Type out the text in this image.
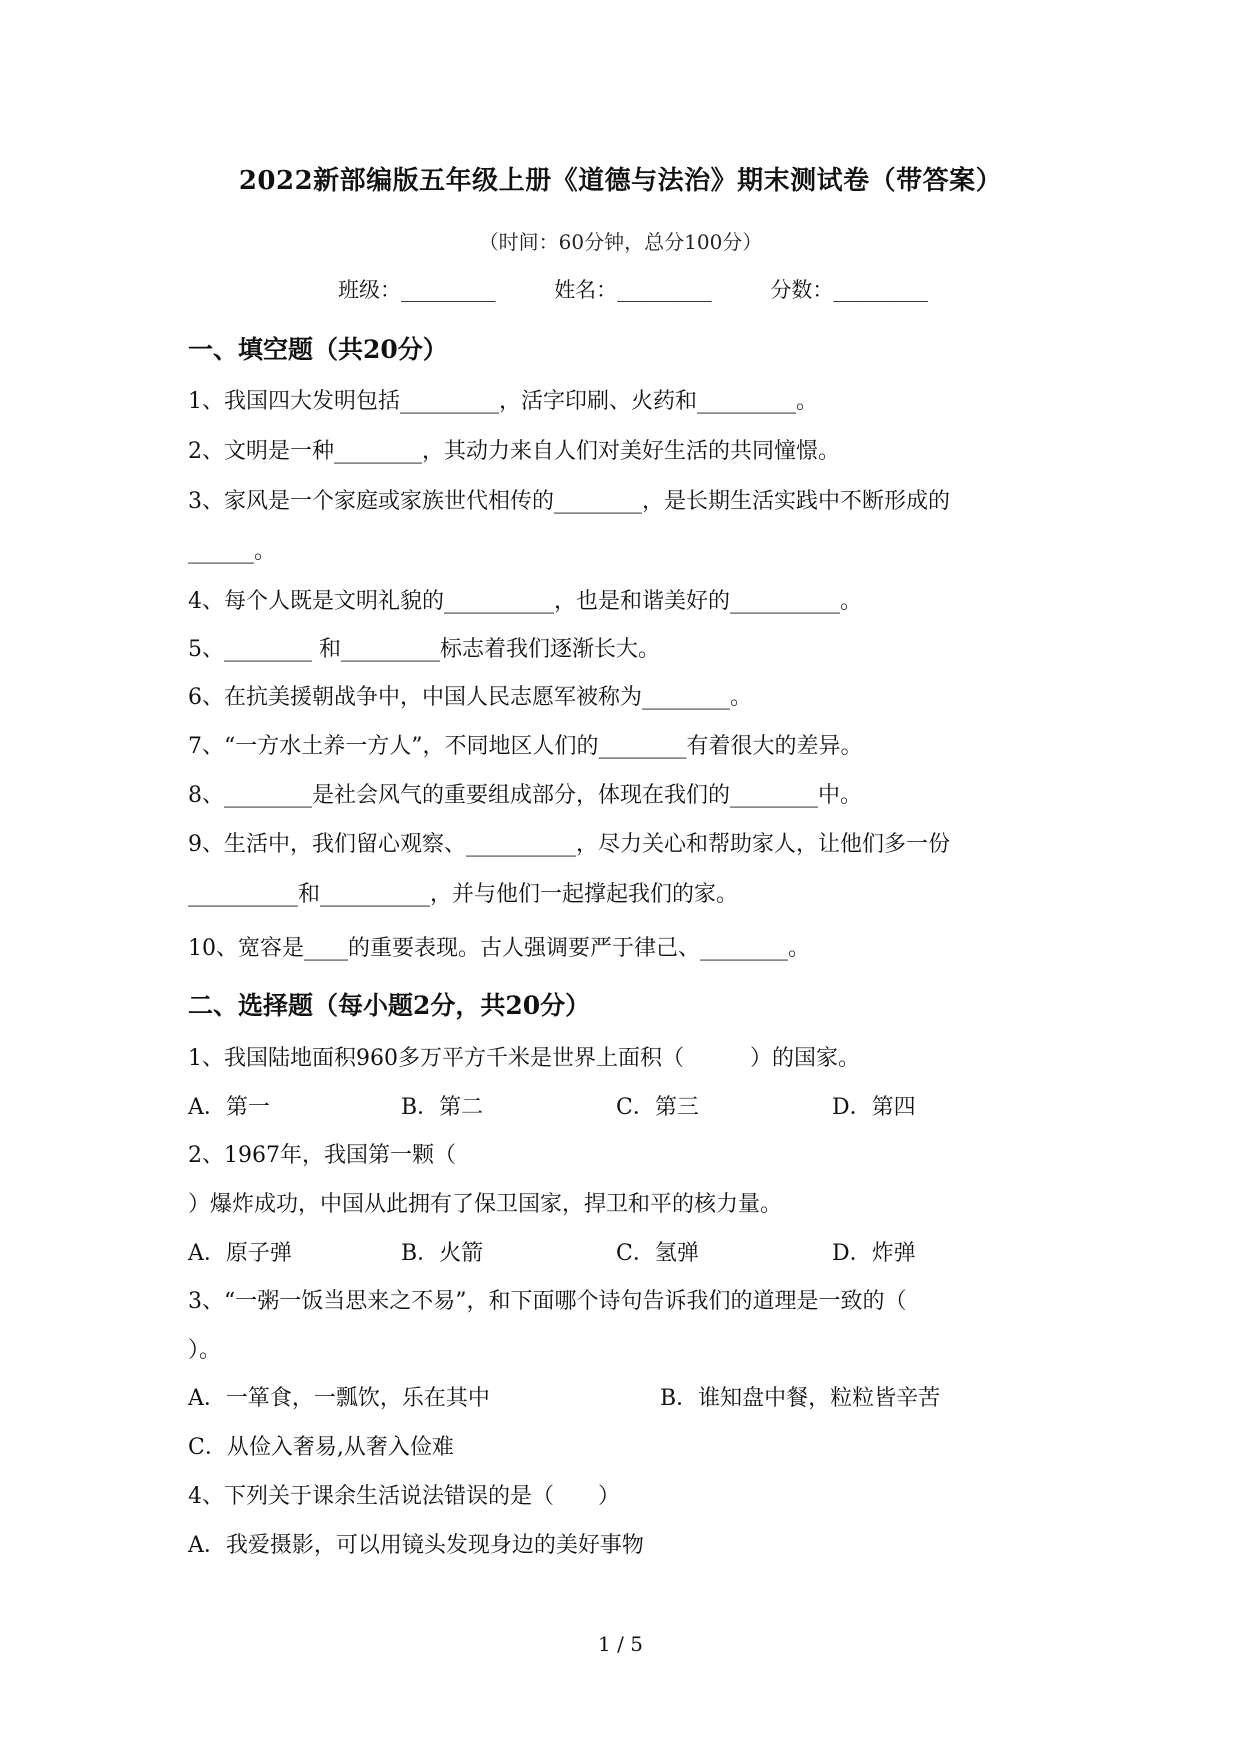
2022新部编版五年级上册《道德与法治》期末测试卷（带答案）
（时间：60分钟，总分100分）
班级：_________	姓名：_________	分数：_________
一、填空题（共20分）
1、我国四大发明包括_________，活字印刷、火药和_________。
2、文明是一种________，其动力来自人们对美好生活的共同憧憬。
3、家风是一个家庭或家族世代相传的________，是长期生活实践中不断形成的
______。
4、每个人既是文明礼貌的__________，也是和谐美好的__________。
5、________ 和_________标志着我们逐渐长大。
6、在抗美援朝战争中，中国人民志愿军被称为________。
7、“一方水土养一方人”，不同地区人们的________有着很大的差异。
8、________是社会风气的重要组成部分，体现在我们的________中。
9、生活中，我们留心观察、__________，尽力关心和帮助家人，让他们多一份
__________和__________，并与他们一起撑起我们的家。
10、宽容是____的重要表现。古人强调要严于律己、________。
二、选择题（每小题2分，共20分）
1、我国陆地面积960多万平方千米是世界上面积（　　　）的国家。
A．第一	B．第二	C．第三	D．第四
2、1967年，我国第一颗（
）爆炸成功，中国从此拥有了保卫国家，捍卫和平的核力量。
A．原子弹	B．火箭	C．氢弹	D．炸弹
3、“一粥一饭当思来之不易”，和下面哪个诗句告诉我们的道理是一致的（
）。
A．一箪食，一瓢饮，乐在其中	B．谁知盘中餐，粒粒皆辛苦
C．从俭入奢易,从奢入俭难
4、下列关于课余生活说法错误的是（　　）
A．我爱摄影，可以用镜头发现身边的美好事物
1 / 5
